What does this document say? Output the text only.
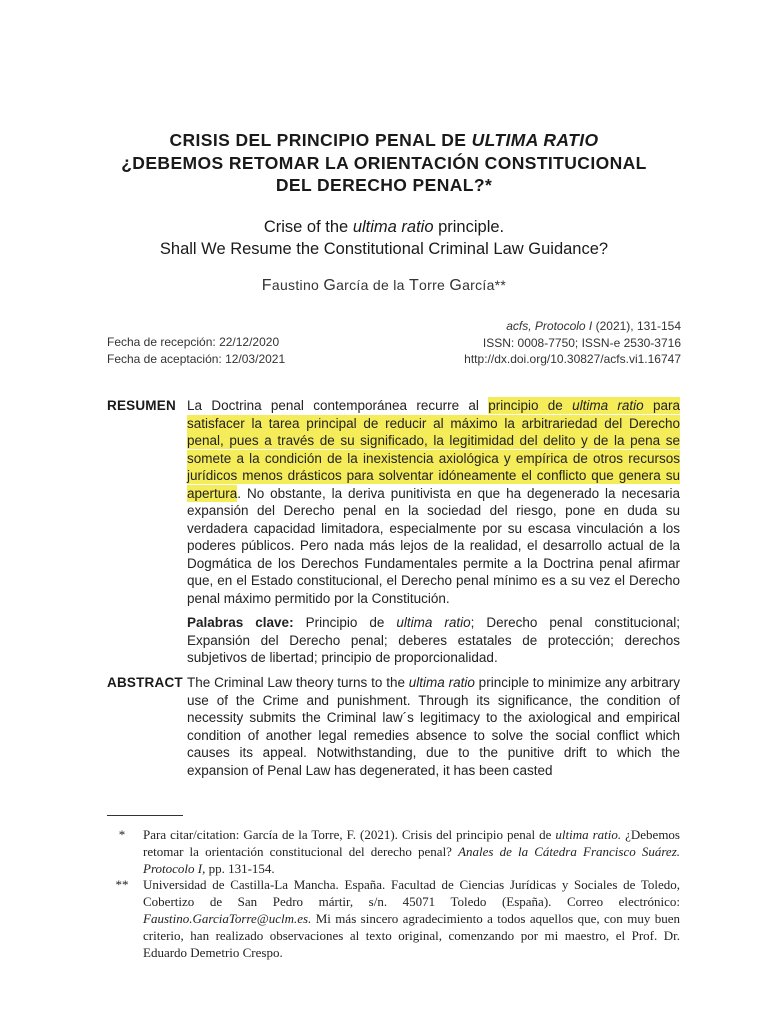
CRISIS DEL PRINCIPIO PENAL DE ULTIMA RATIO
¿DEBEMOS RETOMAR LA ORIENTACIÓN CONSTITUCIONAL
DEL DERECHO PENAL?*
Crise of the ultima ratio principle.
Shall We Resume the Constitutional Criminal Law Guidance?
Faustino García de la Torre García**
Fecha de recepción: 22/12/2020
Fecha de aceptación: 12/03/2021
acfs, Protocolo I (2021), 131-154
ISSN: 0008-7750; ISSN-e 2530-3716
http://dx.doi.org/10.30827/acfs.vi1.16747
RESUMEN La Doctrina penal contemporánea recurre al principio de ultima ratio para satisfacer la tarea principal de reducir al máximo la arbitrariedad del Derecho penal, pues a través de su significado, la legitimidad del delito y de la pena se somete a la condición de la inexistencia axiológica y empírica de otros recursos jurídicos menos drásticos para solventar idóneamente el conflicto que genera su apertura. No obstante, la deriva punitivista en que ha degenerado la necesaria expansión del Derecho penal en la sociedad del riesgo, pone en duda su verdadera capacidad limitadora, especialmente por su escasa vinculación a los poderes públicos. Pero nada más lejos de la realidad, el desarrollo actual de la Dogmática de los Derechos Fundamentales permite a la Doctrina penal afirmar que, en el Estado constitucional, el Derecho penal mínimo es a su vez el Derecho penal máximo permitido por la Constitución.

Palabras clave: Principio de ultima ratio; Derecho penal constitucional; Expansión del Derecho penal; deberes estatales de protección; derechos subjetivos de libertad; principio de proporcionalidad.

ABSTRACT The Criminal Law theory turns to the ultima ratio principle to minimize any arbitrary use of the Crime and punishment. Through its significance, the condition of necessity submits the Criminal law´s legitimacy to the axiological and empirical condition of another legal remedies absence to solve the social conflict which causes its appeal. Notwithstanding, due to the punitive drift to which the expansion of Penal Law has degenerated, it has been casted

*	Para citar/citation: García de la Torre, F. (2021). Crisis del principio penal de ultima ratio. ¿Debemos retomar la orientación constitucional del derecho penal? Anales de la Cátedra Francisco Suárez. Protocolo I, pp. 131-154.
** Universidad de Castilla-La Mancha. España. Facultad de Ciencias Jurídicas y Sociales de Toledo, Cobertizo de San Pedro mártir, s/n. 45071 Toledo (España). Correo electrónico: Faustino.GarciaTorre@uclm.es. Mi más sincero agradecimiento a todos aquellos que, con muy buen criterio, han realizado observaciones al texto original, comenzando por mi maestro, el Prof. Dr. Eduardo Demetrio Crespo.
